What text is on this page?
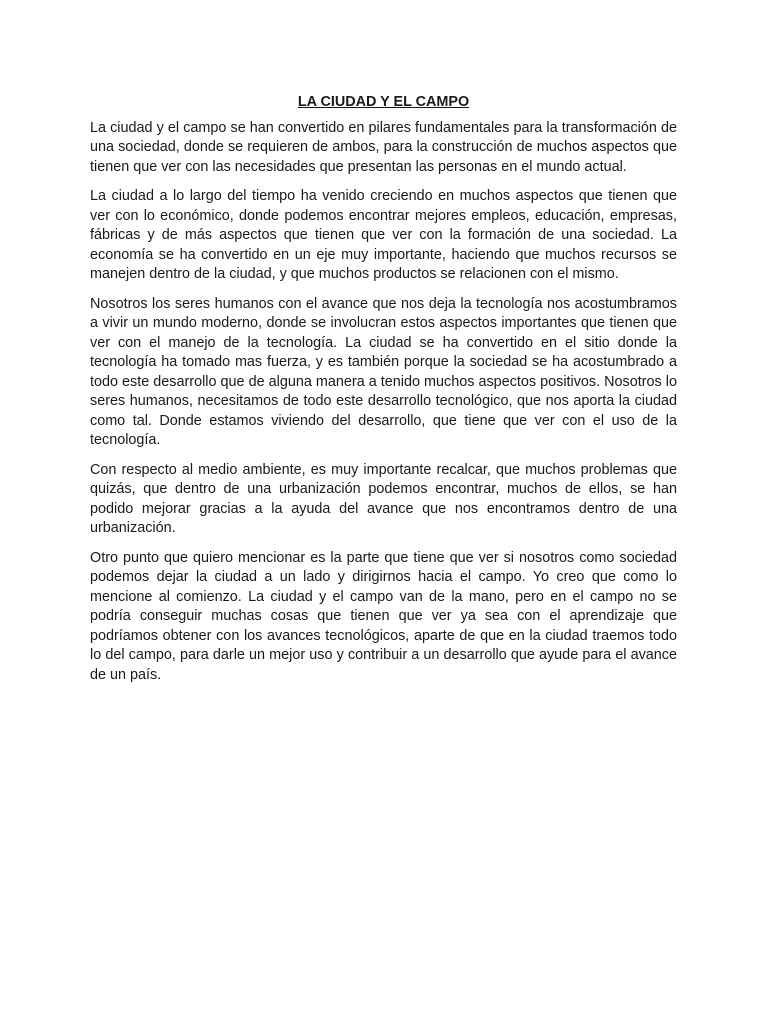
LA CIUDAD Y EL CAMPO

La ciudad y el campo se han convertido en pilares fundamentales para la transformación de una sociedad, donde se requieren de ambos, para la construcción de muchos aspectos que tienen que ver con las necesidades que presentan las personas en el mundo actual.

La ciudad a lo largo del tiempo ha venido creciendo en muchos aspectos que tienen que ver con lo económico, donde podemos encontrar mejores empleos, educación, empresas, fábricas y de más aspectos que tienen que ver con la formación de una sociedad. La economía se ha convertido en un eje muy importante, haciendo que muchos recursos se manejen dentro de la ciudad, y que muchos productos se relacionen con el mismo.

Nosotros los seres humanos con el avance que nos deja la tecnología nos acostumbramos a vivir un mundo moderno, donde se involucran estos aspectos importantes que tienen que ver con el manejo de la tecnología. La ciudad se ha convertido en el sitio donde la tecnología ha tomado mas fuerza, y es también porque la sociedad se ha acostumbrado a todo este desarrollo que de alguna manera a tenido muchos aspectos positivos. Nosotros lo seres humanos, necesitamos de todo este desarrollo tecnológico, que nos aporta la ciudad como tal. Donde estamos viviendo del desarrollo, que tiene que ver con el uso de la tecnología.

Con respecto al medio ambiente, es muy importante recalcar, que muchos problemas que quizás, que dentro de una urbanización podemos encontrar, muchos de ellos, se han podido mejorar gracias a la ayuda del avance que nos encontramos dentro de una urbanización.

Otro punto que quiero mencionar es la parte que tiene que ver si nosotros como sociedad podemos dejar la ciudad a un lado y dirigirnos hacia el campo. Yo creo que como lo mencione al comienzo. La ciudad y el campo van de la mano, pero en el campo no se podría conseguir muchas cosas que tienen que ver ya sea con el aprendizaje que podríamos obtener con los avances tecnológicos, aparte de que en la ciudad traemos todo lo del campo, para darle un mejor uso y contribuir a un desarrollo que ayude para el avance de un país.
